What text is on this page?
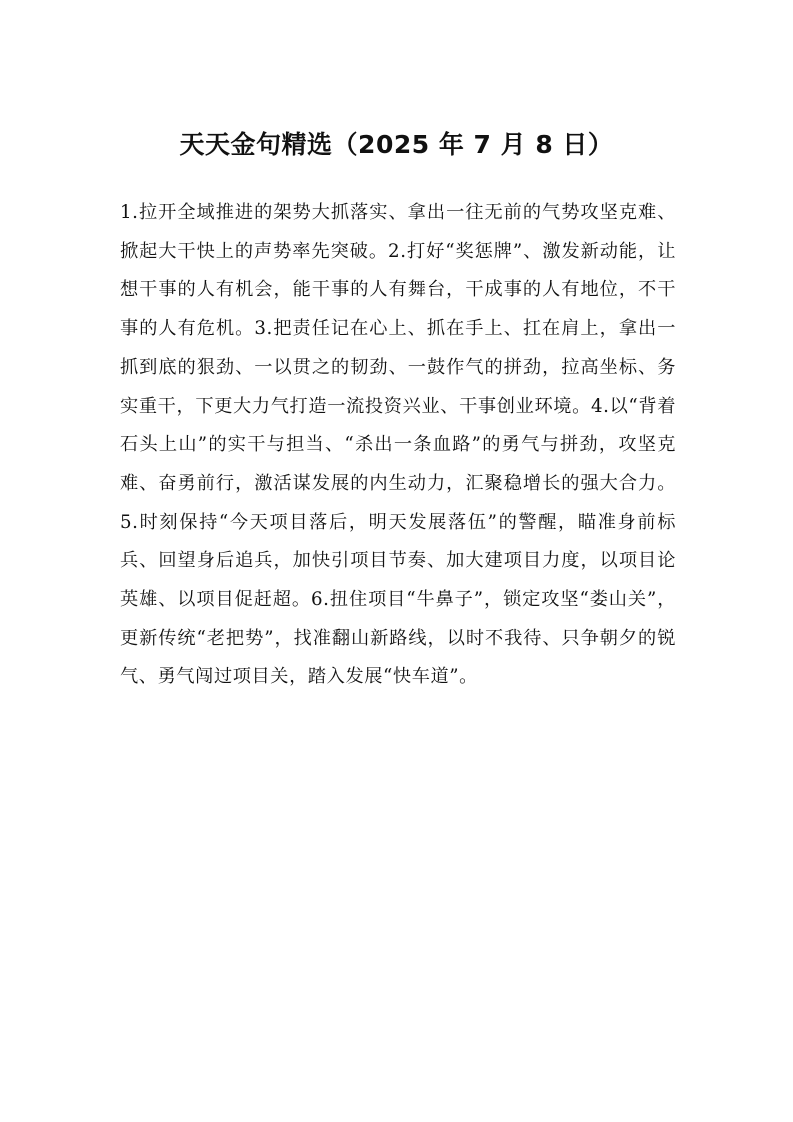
天天金句精选（2025 年 7 月 8 日）

1.拉开全域推进的架势大抓落实、拿出一往无前的气势攻坚克难、掀起大干快上的声势率先突破。2.打好“奖惩牌”、激发新动能，让想干事的人有机会，能干事的人有舞台，干成事的人有地位，不干事的人有危机。3.把责任记在心上、抓在手上、扛在肩上，拿出一抓到底的狠劲、一以贯之的韧劲、一鼓作气的拼劲，拉高坐标、务实重干，下更大力气打造一流投资兴业、干事创业环境。4.以“背着石头上山”的实干与担当、“杀出一条血路”的勇气与拼劲，攻坚克难、奋勇前行，激活谋发展的内生动力，汇聚稳增长的强大合力。5.时刻保持“今天项目落后，明天发展落伍”的警醒，瞄准身前标兵、回望身后追兵，加快引项目节奏、加大建项目力度，以项目论英雄、以项目促赶超。6.扭住项目“牛鼻子”，锁定攻坚“娄山关”，更新传统“老把势”，找准翻山新路线，以时不我待、只争朝夕的锐气、勇气闯过项目关，踏入发展“快车道”。
